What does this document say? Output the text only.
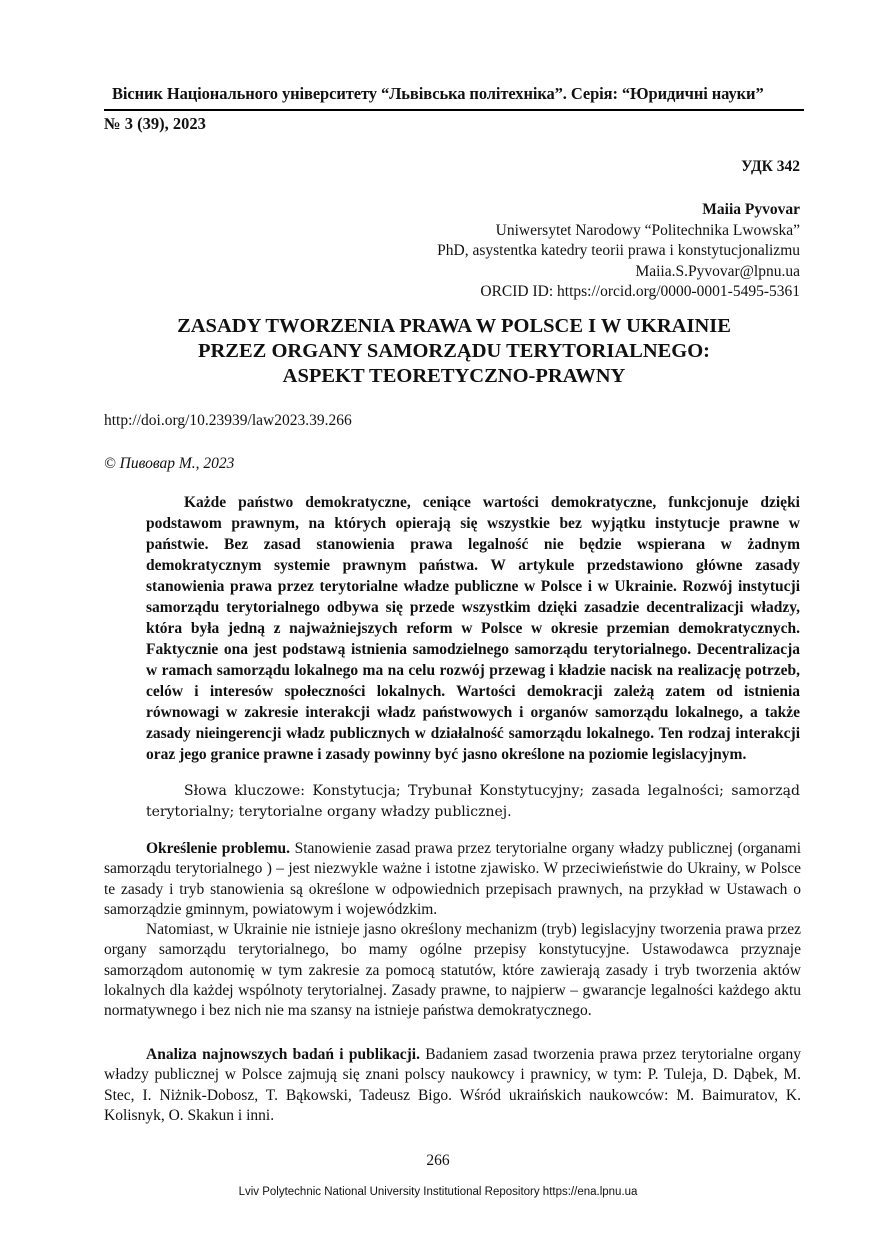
Вісник Національного університету “Львівська політехніка”. Серія: “Юридичні науки”
№ 3 (39), 2023
УДК 342
Maiia Pyvovar
Uniwersytet Narodowy “Politechnika Lwowska”
PhD, asystentka katedry teorii prawa i konstytucjonalizmu
Maiia.S.Pyvovar@lpnu.ua
ORCID ID: https://orcid.org/0000-0001-5495-5361
ZASADY TWORZENIA PRAWA W POLSCE I W UKRAINIE
PRZEZ ORGANY SAMORZĄDU TERYTORIALNEGO:
ASPEKT TEORETYCZNO-PRAWNY
http://doi.org/10.23939/law2023.39.266
© Пивовар М., 2023
Każde państwo demokratyczne, ceniące wartości demokratyczne, funkcjonuje dzięki podstawom prawnym, na których opierają się wszystkie bez wyjątku instytucje prawne w państwie. Bez zasad stanowienia prawa legalność nie będzie wspierana w żadnym demokratycznym systemie prawnym państwa. W artykule przedstawiono główne zasady stanowienia prawa przez terytorialne władze publiczne w Polsce i w Ukrainie. Rozwój instytucji samorządu terytorialnego odbywa się przede wszystkim dzięki zasadzie decentralizacji władzy, która była jedną z najważniejszych reform w Polsce w okresie przemian demokratycznych. Faktycznie ona jest podstawą istnienia samodzielnego samorządu terytorialnego. Decentralizacja w ramach samorządu lokalnego ma na celu rozwój przewag i kładzie nacisk na realizację potrzeb, celów i interesów społeczności lokalnych. Wartości demokracji zależą zatem od istnienia równowagi w zakresie interakcji władz państwowych i organów samorządu lokalnego, a także zasady nieingerencji władz publicznych w działalność samorządu lokalnego. Ten rodzaj interakcji oraz jego granice prawne i zasady powinny być jasno określone na poziomie legislacyjnym.
Słowa kluczowe: Konstytucja; Trybunał Konstytucyjny; zasada legalności; samorząd terytorialny; terytorialne organy władzy publicznej.

Określenie problemu. Stanowienie zasad prawa przez terytorialne organy władzy publicznej (organami samorządu terytorialnego ) – jest niezwykle ważne i istotne zjawisko. W przeciwieństwie do Ukrainy, w Polsce te zasady i tryb stanowienia są określone w odpowiednich przepisach prawnych, na przykład w Ustawach o samorządzie gminnym, powiatowym i wojewódzkim.

Natomiast, w Ukrainie nie istnieje jasno określony mechanizm (tryb) legislacyjny tworzenia prawa przez organy samorządu terytorialnego, bo mamy ogólne przepisy konstytucyjne. Ustawodawca przyznaje samorządom autonomię w tym zakresie za pomocą statutów, które zawierają zasady i tryb tworzenia aktów lokalnych dla każdej wspólnoty terytorialnej. Zasady prawne, to najpierw – gwarancje legalności każdego aktu normatywnego i bez nich nie ma szansy na istnieje państwa demokratycznego.

Analiza najnowszych badań i publikacji. Badaniem zasad tworzenia prawa przez terytorialne organy władzy publicznej w Polsce zajmują się znani polscy naukowcy i prawnicy, w tym: P. Tuleja, D. Dąbek, M. Stec, I. Niżnik-Dobosz, T. Bąkowski, Tadeusz Bigo. Wśród ukraińskich naukowców: M. Baimuratov, K. Kolisnyk, O. Skakun i inni.

266
Lviv Polytechnic National University Institutional Repository https://ena.lpnu.ua
